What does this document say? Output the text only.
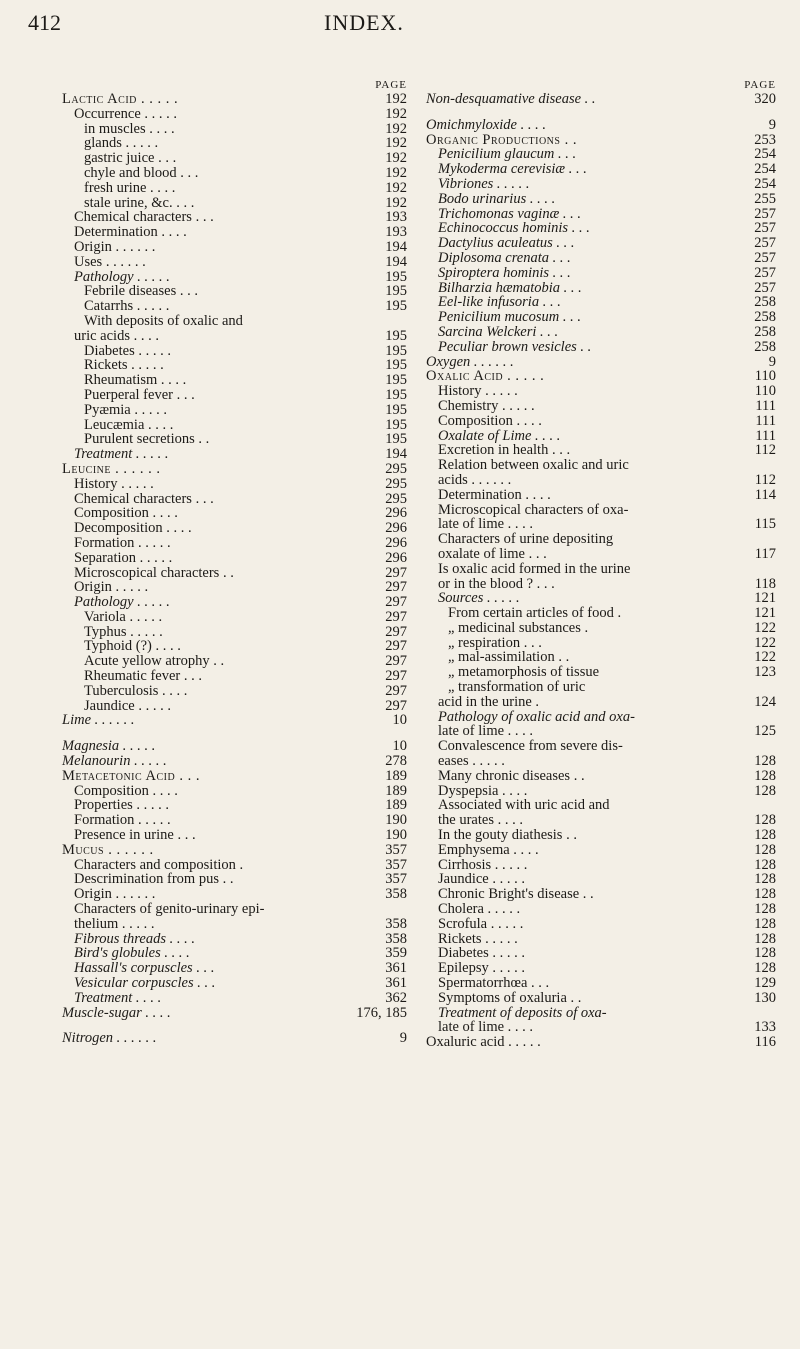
412	INDEX.
PAGE
Lactic Acid . . . . .	192
Occurrence . . . . .	192
in muscles . . . .	192
glands . . . . .	192
gastric juice . . .	192
chyle and blood . . .	192
fresh urine . . . .	192
stale urine, &c. . . .	192
Chemical characters . . .	193
Determination . . . .	193
Origin . . . . . .	194
Uses . . . . . .	194
Pathology . . . . .	195
Febrile diseases . . .	195
Catarrhs . . . . .	195
With deposits of oxalic and
uric acids . . . .	195
Diabetes . . . . .	195
Rickets . . . . .	195
Rheumatism . . . .	195
Puerperal fever . . .	195
Pyæmia . . . . .	195
Leucæmia . . . .	195
Purulent secretions . .	195
Treatment . . . . .	194
Leucine . . . . . .	295
History . . . . .	295
Chemical characters . . .	295
Composition . . . .	296
Decomposition . . . .	296
Formation . . . . .	296
Separation . . . . .	296
Microscopical characters . .	297
Origin . . . . .	297
Pathology . . . . .	297
Variola . . . . .	297
Typhus . . . . .	297
Typhoid (?) . . . .	297
Acute yellow atrophy . .	297
Rheumatic fever . . .	297
Tuberculosis . . . .	297
Jaundice . . . . .	297
Lime . . . . . .	10
Magnesia . . . . .	10
Melanourin . . . . .	278
Metacetonic Acid . . .	189
Composition . . . .	189
Properties . . . . .	189
Formation . . . . .	190
Presence in urine . . .	190
Mucus . . . . . .	357
Characters and composition .	357
Descrimination from pus . .	357
Origin . . . . . .	358
Characters of genito-urinary epi-
thelium . . . . .	358
Fibrous threads . . . .	358
Bird's globules . . . .	359
Hassall's corpuscles . . .	361
Vesicular corpuscles . . .	361
Treatment . . . .	362
Muscle-sugar . . . .	176, 185
Nitrogen . . . . . .	9
PAGE
Non-desquamative disease . .	320
Omichmyloxide . . . .	9
Organic Productions . .	253
Penicilium glaucum . . .	254
Mykoderma cerevisiæ . . .	254
Vibriones . . . . .	254
Bodo urinarius . . . .	255
Trichomonas vaginæ . . .	257
Echinococcus hominis . . .	257
Dactylius aculeatus . . .	257
Diplosoma crenata . . .	257
Spiroptera hominis . . .	257
Bilharzia hæmatobia . . .	257
Eel-like infusoria . . .	258
Penicilium mucosum . . .	258
Sarcina Welckeri . . .	258
Peculiar brown vesicles . .	258
Oxygen . . . . . .	9
Oxalic Acid . . . . .	110
History . . . . .	110
Chemistry . . . . .	111
Composition . . . .	111
Oxalate of Lime . . . .	111
Excretion in health . . .	112
Relation between oxalic and uric
acids . . . . . .	112
Determination . . . .	114
Microscopical characters of oxa-
late of lime . . . .	115
Characters of urine depositing
oxalate of lime . . .	117
Is oxalic acid formed in the urine
or in the blood ? . . .	118
Sources . . . . .	121
From certain articles of food .	121
„ medicinal substances .	122
„ respiration . . .	122
„ mal-assimilation . .	122
„ metamorphosis of tissue	123
„ transformation of uric
acid in the urine .	124
Pathology of oxalic acid and oxa-
late of lime . . . .	125
Convalescence from severe dis-
eases . . . . .	128
Many chronic diseases . .	128
Dyspepsia . . . .	128
Associated with uric acid and
the urates . . . .	128
In the gouty diathesis . .	128
Emphysema . . . .	128
Cirrhosis . . . . .	128
Jaundice . . . . .	128
Chronic Bright's disease . .	128
Cholera . . . . .	128
Scrofula . . . . .	128
Rickets . . . . .	128
Diabetes . . . . .	128
Epilepsy . . . . .	128
Spermatorrhœa . . .	129
Symptoms of oxaluria . .	130
Treatment of deposits of oxa-
late of lime . . . .	133
Oxaluric acid . . . . .	116
